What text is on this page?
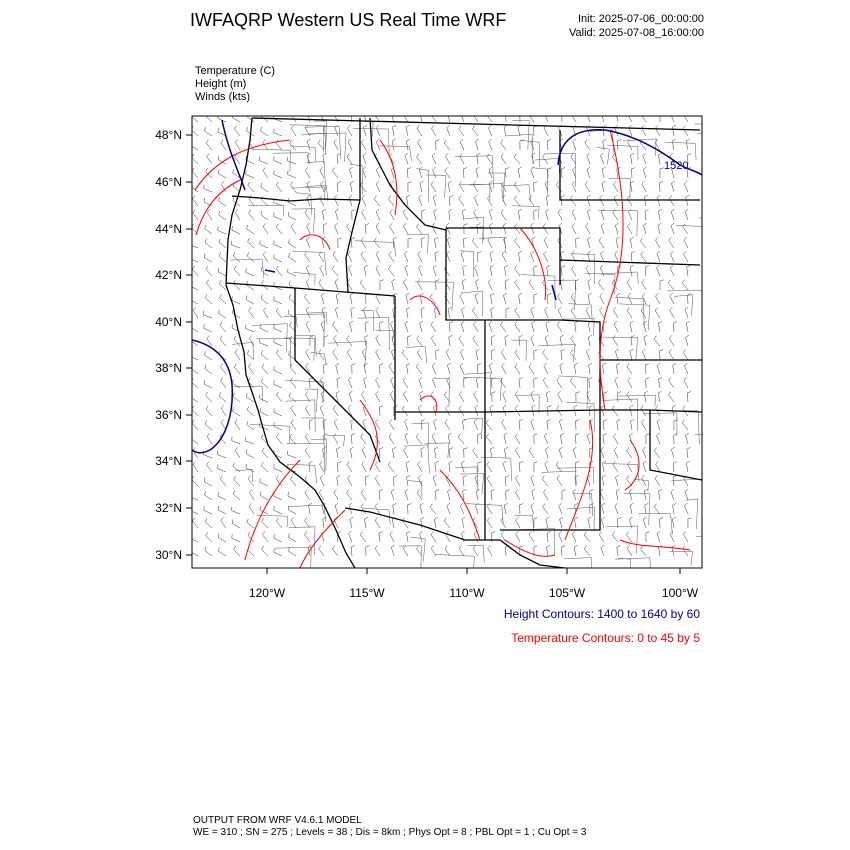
IWFAQRP Western US Real Time WRF	Init: 2025-07-06_00:00:00
Valid: 2025-07-08_16:00:00
Temperature (C)
Height (m)
Winds (kts)
1520
48°N
46°N
44°N
42°N
40°N
38°N
36°N
34°N
32°N
30°N
120°W	115°W	110°W	105°W	100°W
Height Contours: 1400 to 1640 by 60
Temperature Contours: 0 to 45 by 5
OUTPUT FROM WRF V4.6.1 MODEL
WE = 310 ; SN = 275 ; Levels = 38 ; Dis = 8km ; Phys Opt = 8 ; PBL Opt = 1 ; Cu Opt = 3
